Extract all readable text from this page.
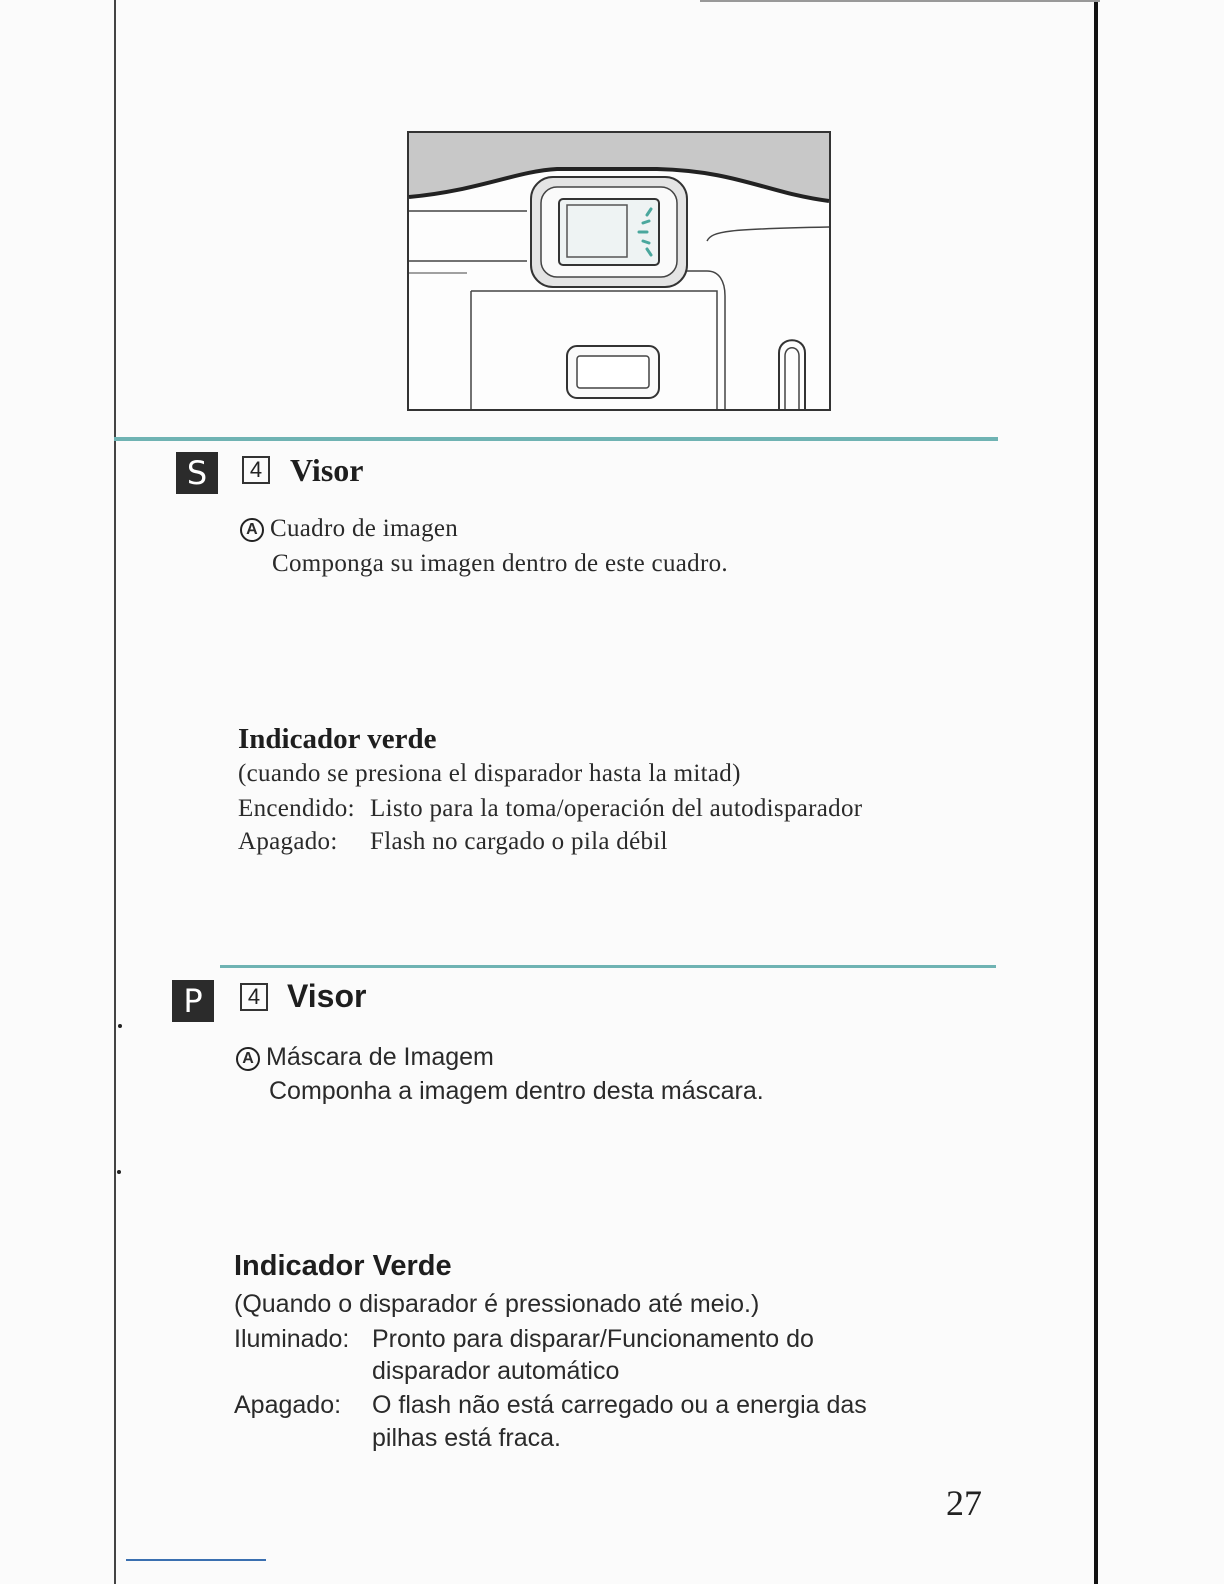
S	4 Visor
A Cuadro de imagen
Componga su imagen dentro de este cuadro.
Indicador verde
(cuando se presiona el disparador hasta la mitad)
Encendido: Listo para la toma/operación del autodisparador
Apagado: Flash no cargado o pila débil
P	4 Visor
A Máscara de Imagem
Componha a imagem dentro desta máscara.
Indicador Verde
(Quando o disparador é pressionado até meio.)
Iluminado: Pronto para disparar/Funcionamento do
disparador automático
Apagado: O flash não está carregado ou a energia das
pilhas está fraca.
27
